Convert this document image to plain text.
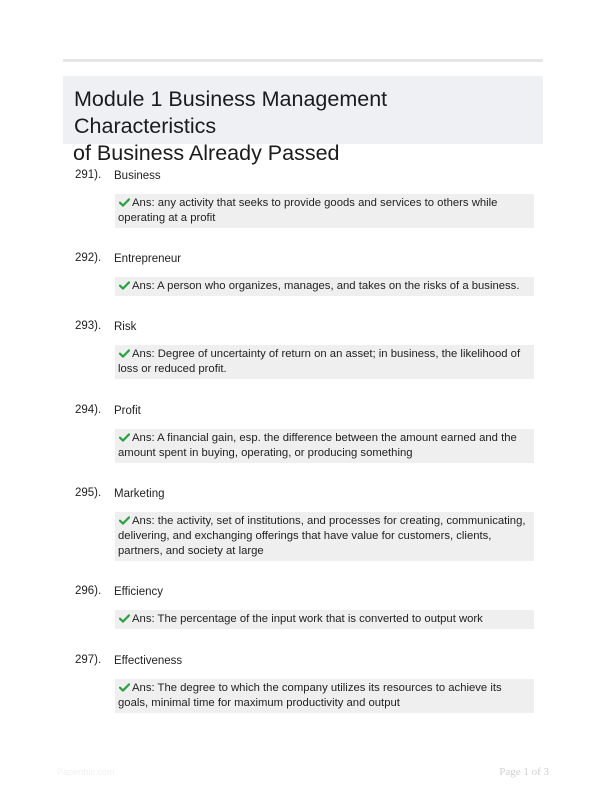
Module 1 Business Management Characteristics
of Business Already Passed
291). Business
Ans: any activity that seeks to provide goods and services to others while operating at a profit
292). Entrepreneur
Ans: A person who organizes, manages, and takes on the risks of a business.
293). Risk
Ans: Degree of uncertainty of return on an asset; in business, the likelihood of loss or reduced profit.
294). Profit
Ans: A financial gain, esp. the difference between the amount earned and the amount spent in buying, operating, or producing something
295). Marketing
Ans: the activity, set of institutions, and processes for creating, communicating, delivering, and exchanging offerings that have value for customers, clients, partners, and society at large
296). Efficiency
Ans: The percentage of the input work that is converted to output work
297). Effectiveness
Ans: The degree to which the company utilizes its resources to achieve its goals, minimal time for maximum productivity and output
Paperthic.com	Page 1 of 3
